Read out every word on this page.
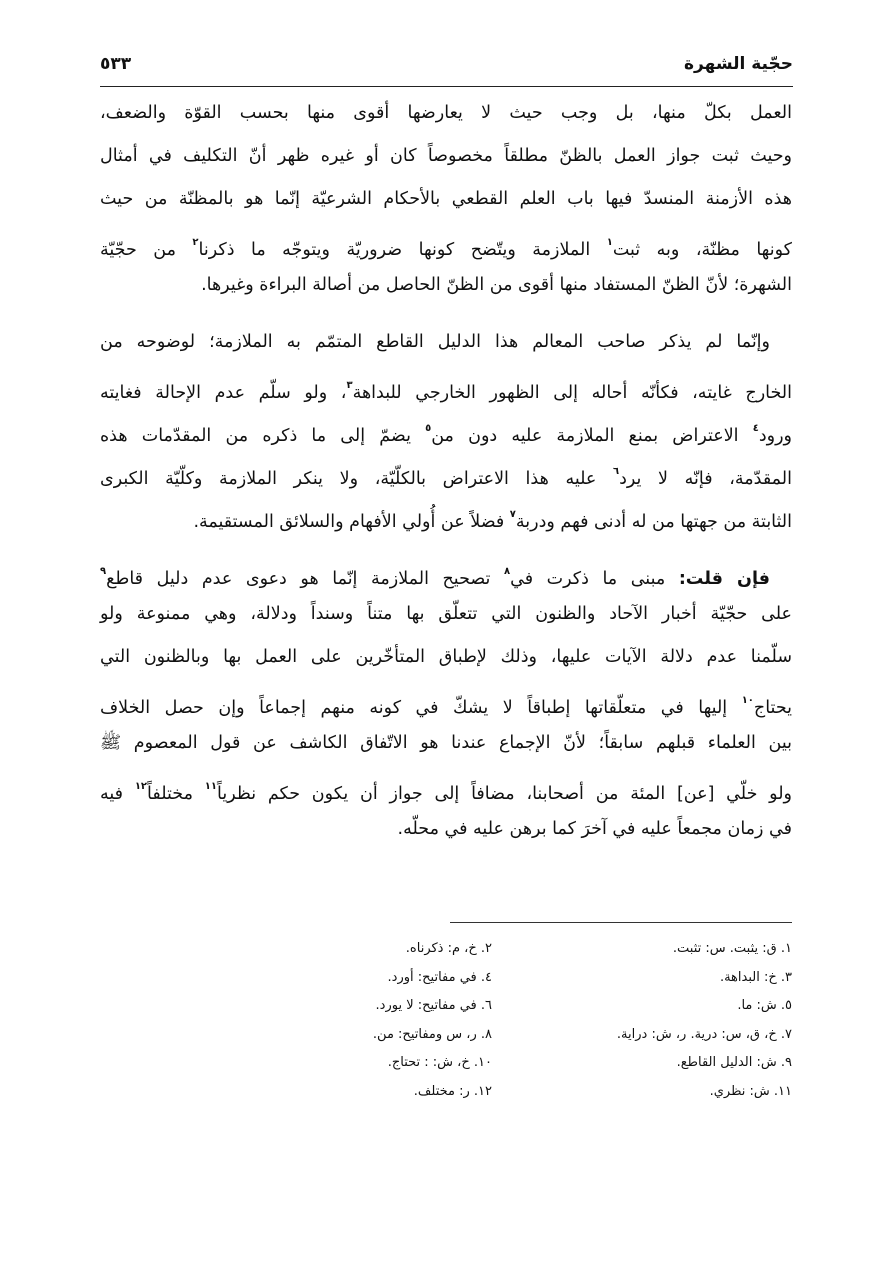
حجّية الشهرة
٥٣٣
العمل بكلّ منها، بل وجب حيث لا يعارضها أقوى منها بحسب القوّة والضعف،
وحيث ثبت جواز العمل بالظنّ مطلقاً مخصوصاً كان أو غيره ظهر أنّ التكليف في أمثال
هذه الأزمنة المنسدّ فيها باب العلم القطعي بالأحكام الشرعيّة إنّما هو بالمظنّة من حيث
كونها مظنّة، وبه ثبت$^١$ الملازمة ويتّضح كونها ضروريّة ويتوجّه ما ذكرنا$^٢$ من حجّيّة
الشهرة؛ لأنّ الظنّ المستفاد منها أقوى من الظنّ الحاصل من أصالة البراءة وغيرها.
وإنّما لم يذكر صاحب المعالم هذا الدليل القاطع المتمّم به الملازمة؛ لوضوحه من
الخارج غايته، فكأنّه أحاله إلى الظهور الخارجي للبداهة$^٣$، ولو سلّم عدم الإحالة فغايته
ورود$^٤$ الاعتراض بمنع الملازمة عليه دون من$^٥$ يضمّ إلى ما ذكره من المقدّمات هذه
المقدّمة، فإنّه لا يرد$^٦$ عليه هذا الاعتراض بالكلّيّة، ولا ينكر الملازمة وكلّيّة الكبرى
الثابتة من جهتها من له أدنى فهم ودربة$^٧$ فضلاً عن أُولي الأفهام والسلائق المستقيمة.
فإن قلت: مبنى ما ذكرت في$^٨$ تصحيح الملازمة إنّما هو دعوى عدم دليل قاطع$^٩$
على حجّيّة أخبار الآحاد والظنون التي تتعلّق بها متناً وسنداً ودلالة، وهي ممنوعة ولو
سلّمنا عدم دلالة الآيات عليها، وذلك لإطباق المتأخّرين على العمل بها وبالظنون التي
يحتاج$^{١٠}$ إليها في متعلّقاتها إطباقاً لا يشكّ في كونه منهم إجماعاً وإن حصل الخلاف
بين العلماء قبلهم سابقاً؛ لأنّ الإجماع عندنا هو الاتّفاق الكاشف عن قول المعصوم ﷺ
ولو خلّي [عن] المئة من أصحابنا، مضافاً إلى جواز أن يكون حكم نظرياً$^{١١}$ مختلفاً$^{١٢}$ فيه
في زمان مجمعاً عليه في آخرَ كما برهن عليه في محلّه.
١. ق: يثبت. س: تثبت.
٣. خ: البداهة.
٥. ش: ما.
٧. خ، ق، س: درية. ر، ش: دراية.
٩. ش: الدليل القاطع.
١١. ش: نظري.
٢. خ، م: ذكرناه.
٤. في مفاتيح: أورد.
٦. في مفاتيح: لا يورد.
٨. ر، س ومفاتيح: من.
١٠. خ، ش: : تحتاج.
١٢. ر: مختلف.
